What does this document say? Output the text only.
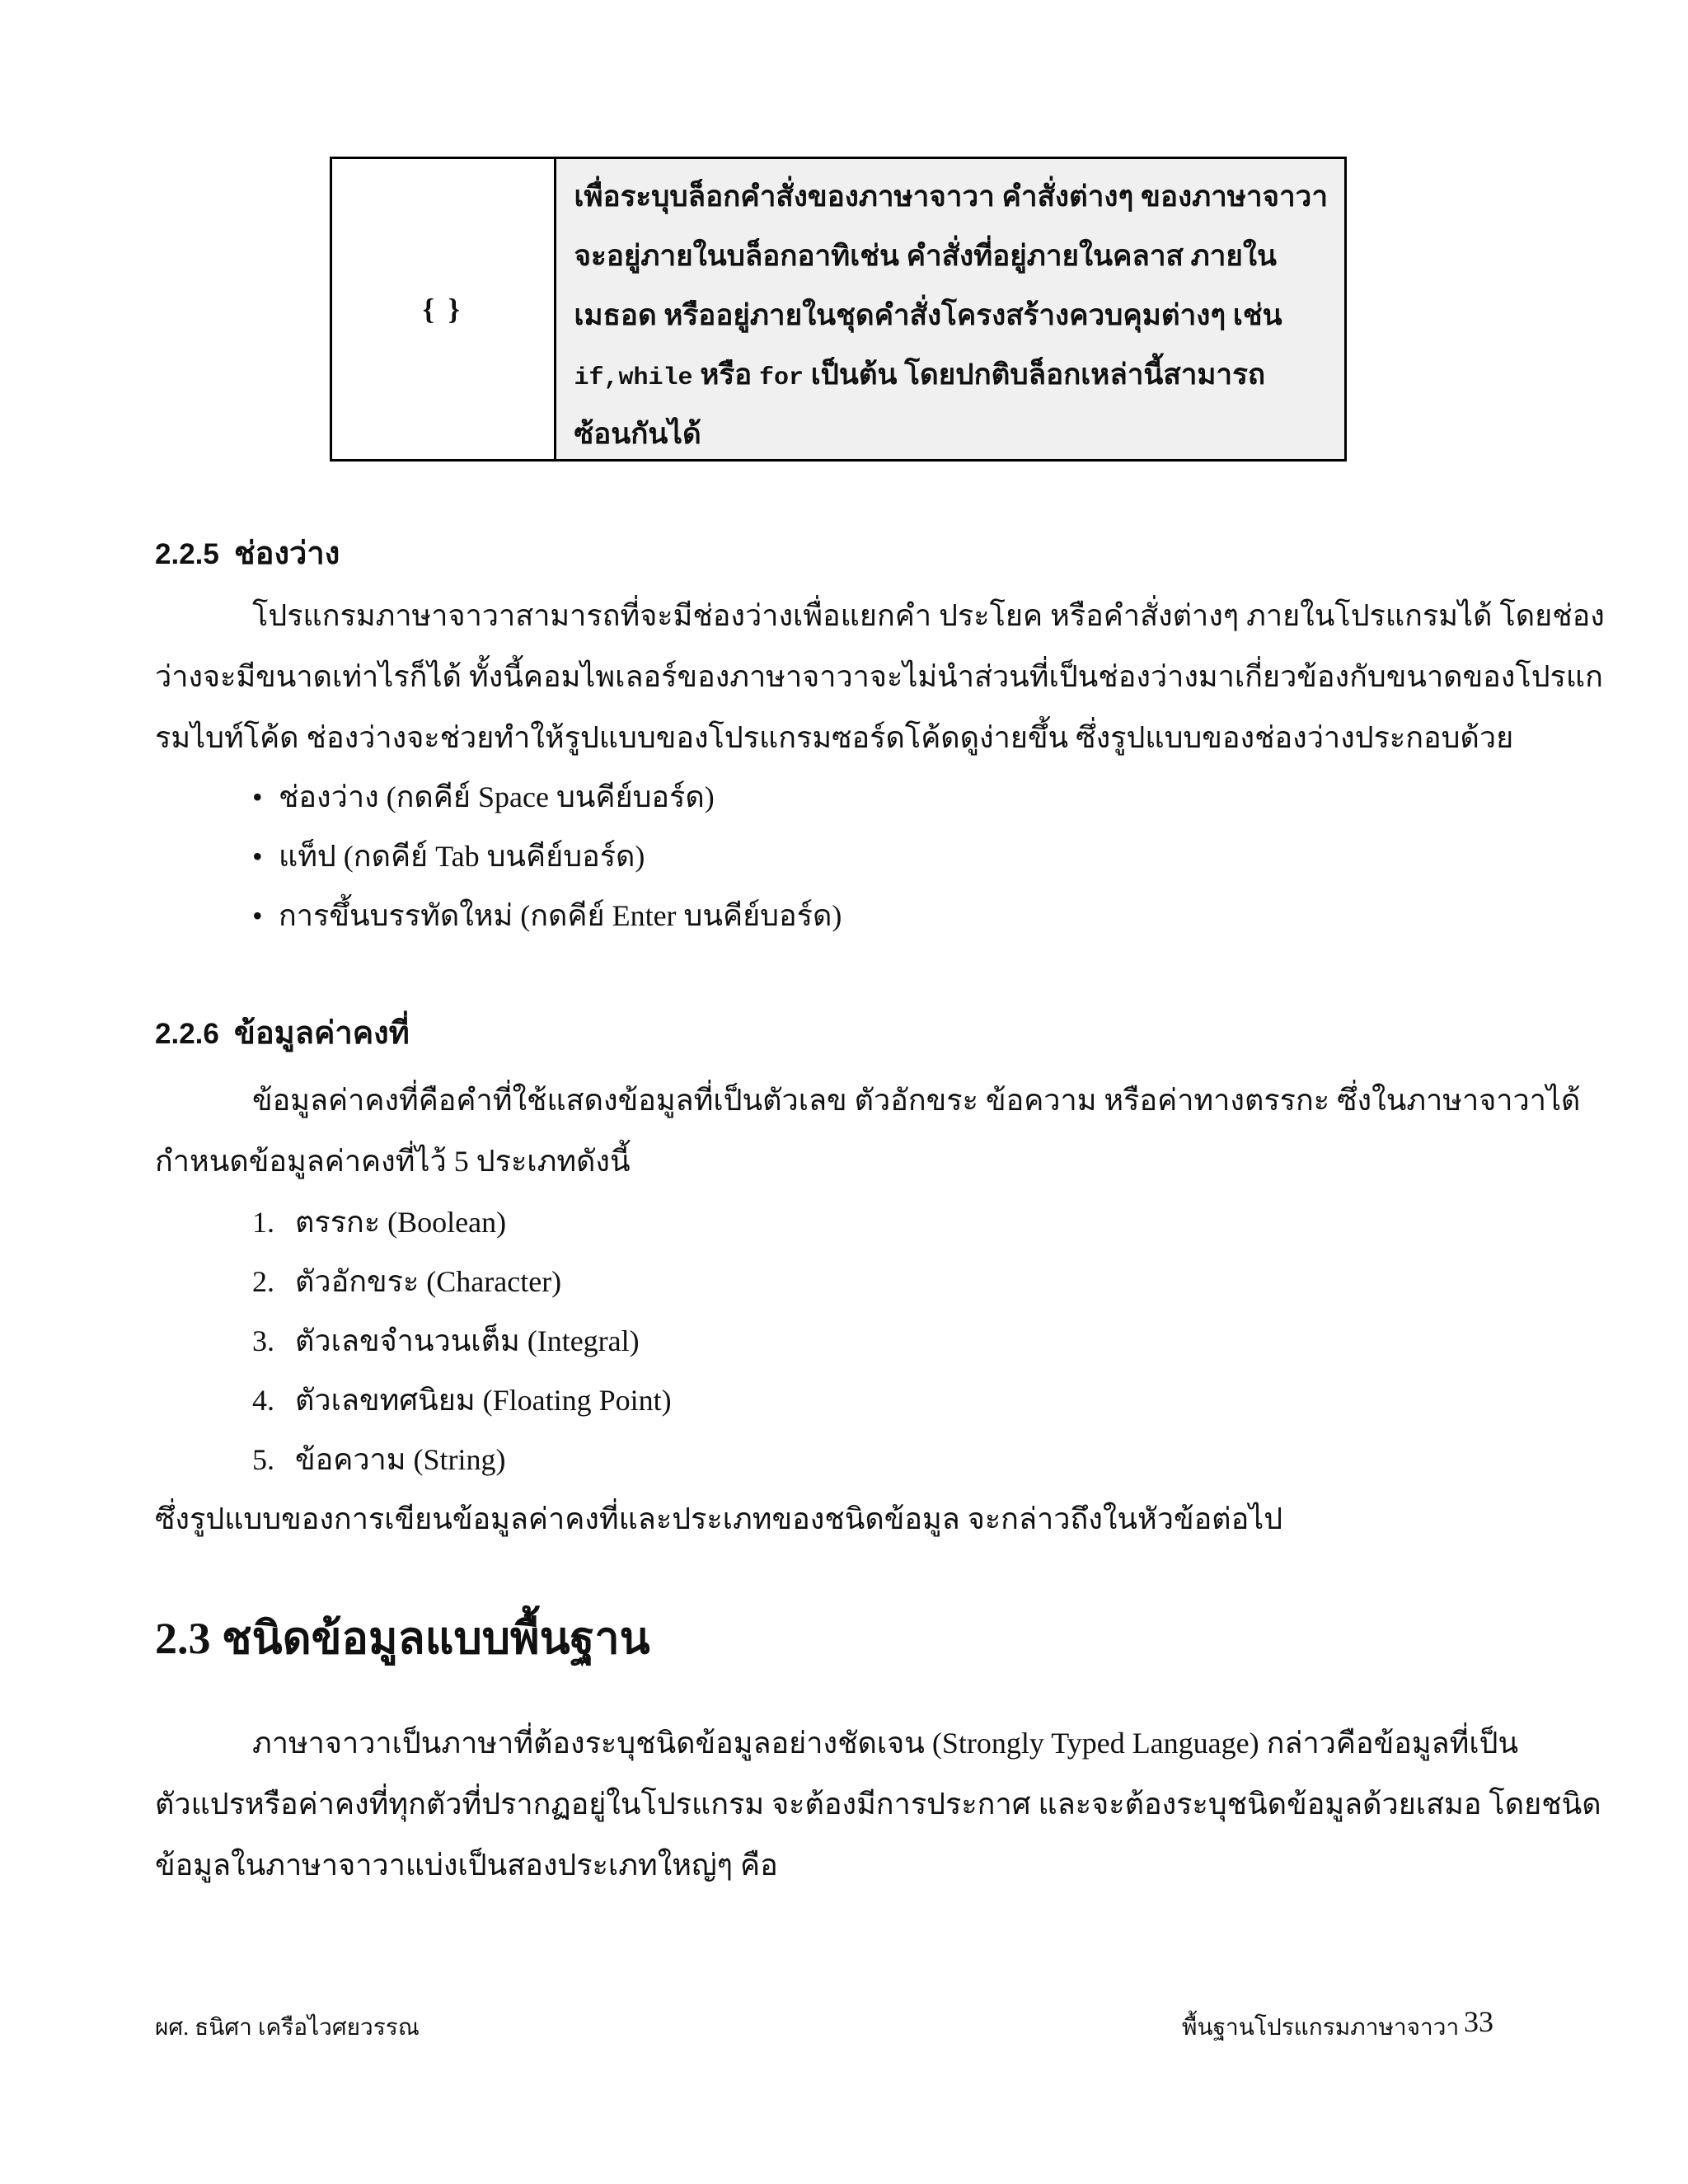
{ }
เพื่อระบุบล็อกคำสั่งของภาษาจาวา คำสั่งต่างๆ ของภาษาจาวา
จะอยู่ภายในบล็อกอาทิเช่น คำสั่งที่อยู่ภายในคลาส ภายใน
เมธอด หรืออยู่ภายในชุดคำสั่งโครงสร้างควบคุมต่างๆ เช่น
if,while หรือ for เป็นต้น โดยปกติบล็อกเหล่านี้สามารถ
ซ้อนกันได้
2.2.5 ช่องว่าง
โปรแกรมภาษาจาวาสามารถที่จะมีช่องว่างเพื่อแยกคำ ประโยค หรือคำสั่งต่างๆ ภายในโปรแกรมได้ โดยช่อง
ว่างจะมีขนาดเท่าไรก็ได้ ทั้งนี้คอมไพเลอร์ของภาษาจาวาจะไม่นำส่วนที่เป็นช่องว่างมาเกี่ยวข้องกับขนาดของโปรแก
รมไบท์โค้ด ช่องว่างจะช่วยทำให้รูปแบบของโปรแกรมซอร์ดโค้ดดูง่ายขึ้น ซึ่งรูปแบบของช่องว่างประกอบด้วย
• ช่องว่าง (กดคีย์ Space บนคีย์บอร์ด)
• แท็ป (กดคีย์ Tab บนคีย์บอร์ด)
• การขึ้นบรรทัดใหม่ (กดคีย์ Enter บนคีย์บอร์ด)
2.2.6 ข้อมูลค่าคงที่
ข้อมูลค่าคงที่คือคำที่ใช้แสดงข้อมูลที่เป็นตัวเลข ตัวอักขระ ข้อความ หรือค่าทางตรรกะ ซึ่งในภาษาจาวาได้
กำหนดข้อมูลค่าคงที่ไว้ 5 ประเภทดังนี้
1. ตรรกะ (Boolean)
2. ตัวอักขระ (Character)
3. ตัวเลขจำนวนเต็ม (Integral)
4. ตัวเลขทศนิยม (Floating Point)
5. ข้อความ (String)
ซึ่งรูปแบบของการเขียนข้อมูลค่าคงที่และประเภทของชนิดข้อมูล จะกล่าวถึงในหัวข้อต่อไป
2.3 ชนิดข้อมูลแบบพื้นฐาน
ภาษาจาวาเป็นภาษาที่ต้องระบุชนิดข้อมูลอย่างชัดเจน (Strongly Typed Language) กล่าวคือข้อมูลที่เป็น
ตัวแปรหรือค่าคงที่ทุกตัวที่ปรากฏอยู่ในโปรแกรม จะต้องมีการประกาศ และจะต้องระบุชนิดข้อมูลด้วยเสมอ โดยชนิด
ข้อมูลในภาษาจาวาแบ่งเป็นสองประเภทใหญ่ๆ คือ
ผศ. ธนิศา เครือไวศยวรรณ	พื้นฐานโปรแกรมภาษาจาวา 33
